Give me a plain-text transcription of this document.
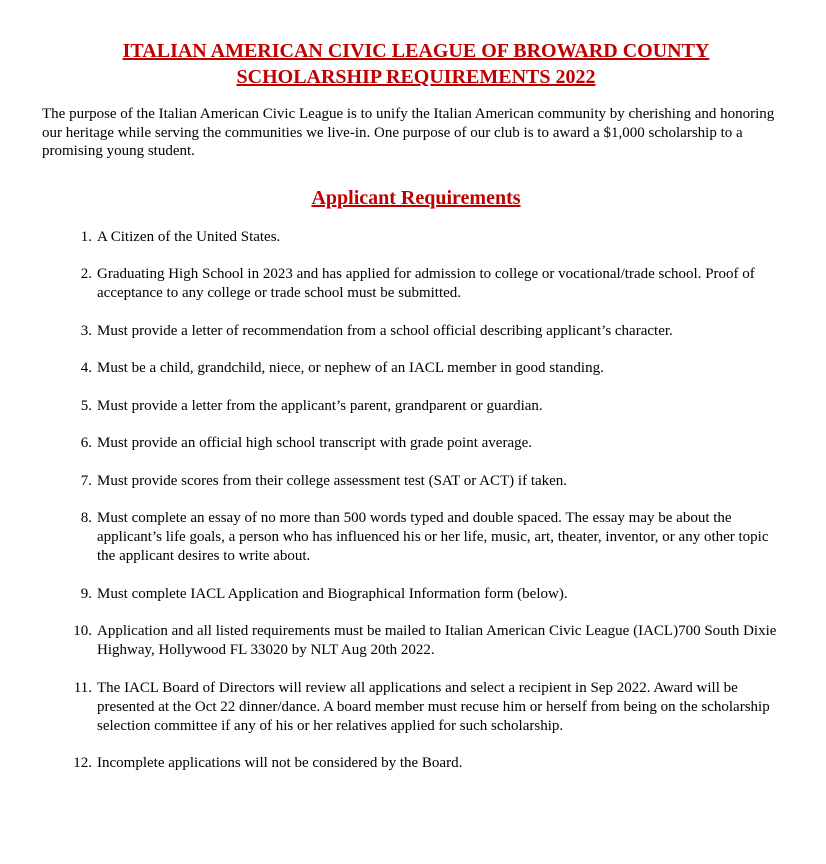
ITALIAN AMERICAN CIVIC LEAGUE OF BROWARD COUNTY
SCHOLARSHIP REQUIREMENTS 2022

The purpose of the Italian American Civic League is to unify the Italian American community by cherishing and honoring our heritage while serving the communities we live-in. One purpose of our club is to award a $1,000 scholarship to a promising young student.

Applicant Requirements
1. A Citizen of the United States.
2. Graduating High School in 2023 and has applied for admission to college or vocational/trade school. Proof of acceptance to any college or trade school must be submitted.
3. Must provide a letter of recommendation from a school official describing applicant’s character.
4. Must be a child, grandchild, niece, or nephew of an IACL member in good standing.
5. Must provide a letter from the applicant’s parent, grandparent or guardian.
6. Must provide an official high school transcript with grade point average.
7. Must provide scores from their college assessment test (SAT or ACT) if taken.
8. Must complete an essay of no more than 500 words typed and double spaced. The essay may be about the applicant’s life goals, a person who has influenced his or her life, music, art, theater, inventor, or any other topic the applicant desires to write about.
9. Must complete IACL Application and Biographical Information form (below).
10. Application and all listed requirements must be mailed to Italian American Civic League (IACL)700 South Dixie Highway, Hollywood FL 33020 by NLT Aug 20th 2022.
11. The IACL Board of Directors will review all applications and select a recipient in Sep 2022. Award will be presented at the Oct 22 dinner/dance. A board member must recuse him or herself from being on the scholarship selection committee if any of his or her relatives applied for such scholarship.
12. Incomplete applications will not be considered by the Board.
